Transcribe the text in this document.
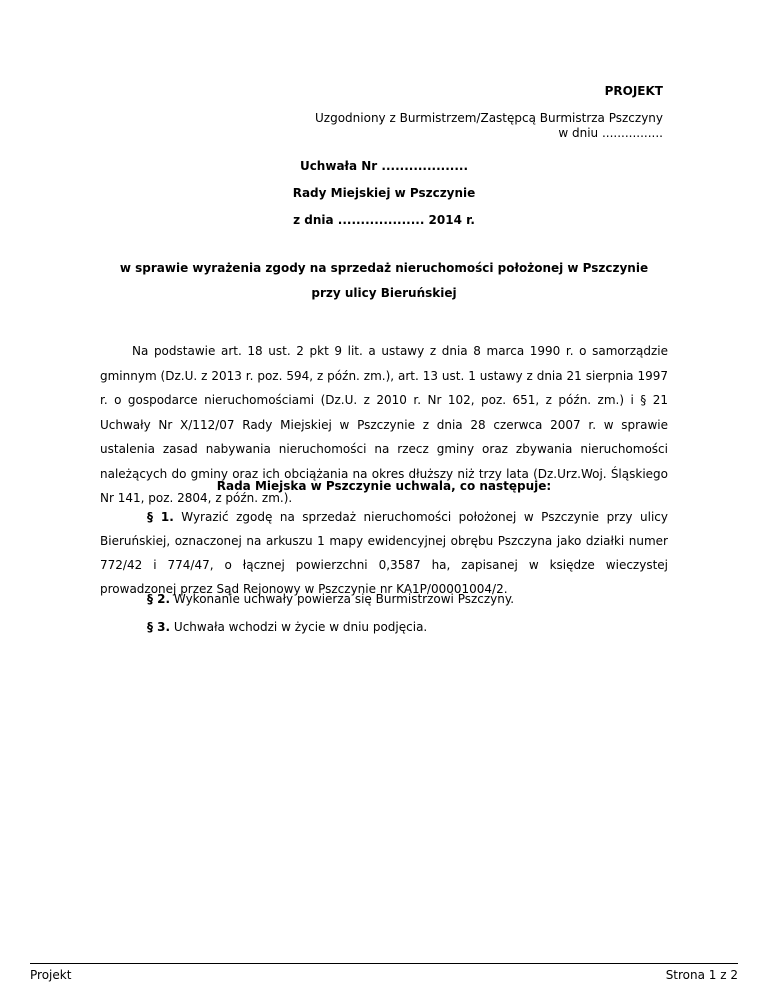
PROJEKT

Uzgodniony z Burmistrzem/Zastępcą Burmistrza Pszczyny
w dniu ................

Uchwała Nr ...................

Rady Miejskiej w Pszczynie

z dnia ................... 2014 r.

w sprawie wyrażenia zgody na sprzedaż nieruchomości położonej w Pszczynie
przy ulicy Bieruńskiej

Na podstawie art. 18 ust. 2 pkt 9 lit. a ustawy z dnia 8 marca 1990 r. o samorządzie gminnym (Dz.U. z 2013 r. poz. 594, z późn. zm.), art. 13 ust. 1 ustawy z dnia 21 sierpnia 1997 r. o gospodarce nieruchomościami (Dz.U. z 2010 r. Nr 102, poz. 651, z późn. zm.) i § 21 Uchwały Nr X/112/07 Rady Miejskiej w Pszczynie z dnia 28 czerwca 2007 r. w sprawie ustalenia zasad nabywania nieruchomości na rzecz gminy oraz zbywania nieruchomości należących do gminy oraz ich obciążania na okres dłuższy niż trzy lata (Dz.Urz.Woj. Śląskiego Nr 141, poz. 2804, z późn. zm.).

Rada Miejska w Pszczynie uchwala, co następuje:

§ 1. Wyrazić zgodę na sprzedaż nieruchomości położonej w Pszczynie przy ulicy Bieruńskiej, oznaczonej na arkuszu 1 mapy ewidencyjnej obrębu Pszczyna jako działki numer 772/42 i 774/47, o łącznej powierzchni 0,3587 ha, zapisanej w księdze wieczystej prowadzonej przez Sąd Rejonowy w Pszczynie nr KA1P/00001004/2.

§ 2. Wykonanie uchwały powierza się Burmistrzowi Pszczyny.

§ 3. Uchwała wchodzi w życie w dniu podjęcia.

Projekt	Strona 1 z 2
